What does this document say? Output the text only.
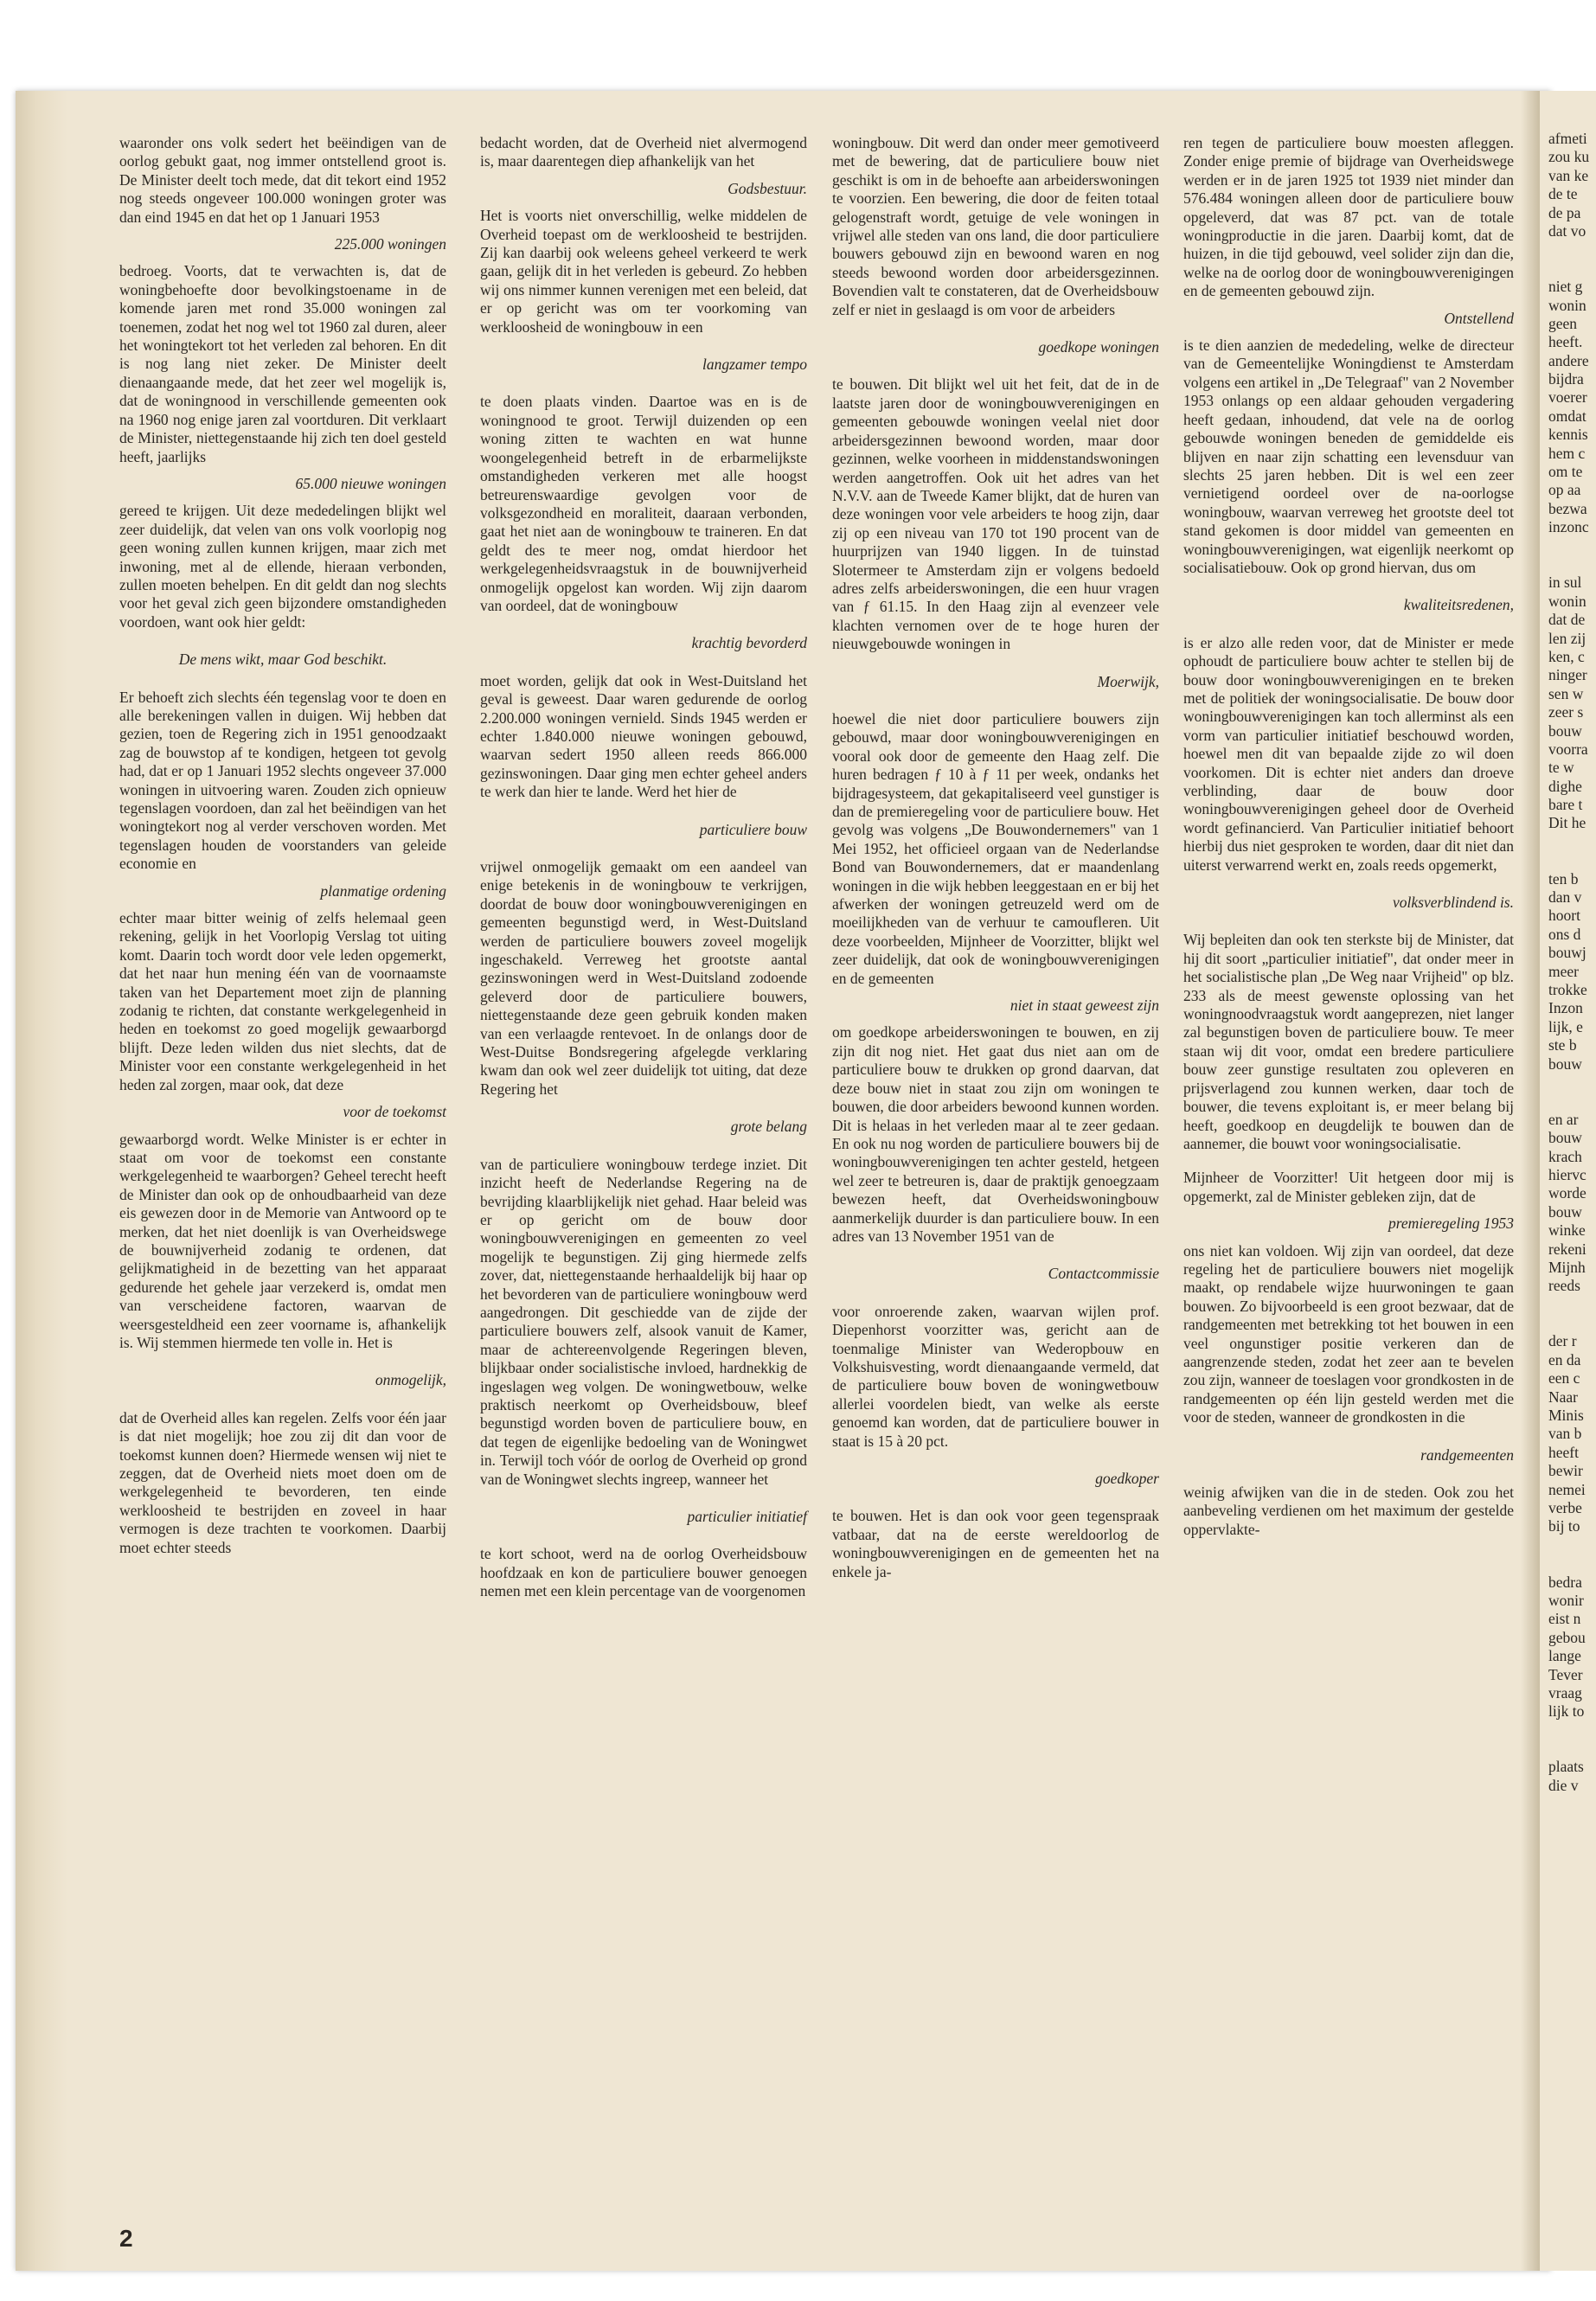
waaronder ons volk sedert het beëindigen van de oorlog gebukt gaat, nog immer ontstellend groot is. De Minister deelt toch mede, dat dit tekort eind 1952 nog steeds ongeveer 100.000 woningen groter was dan eind 1945 en dat het op 1 Januari 1953

225.000 woningen

bedroeg. Voorts, dat te verwachten is, dat de woningbehoefte door bevolkingstoename in de komende jaren met rond 35.000 woningen zal toenemen, zodat het nog wel tot 1960 zal duren, aleer het woningtekort tot het verleden zal behoren. En dit is nog lang niet zeker. De Minister deelt dienaangaande mede, dat het zeer wel mogelijk is, dat de woningnood in verschillende gemeenten ook na 1960 nog enige jaren zal voortduren. Dit verklaart de Minister, niettegenstaande hij zich ten doel gesteld heeft, jaarlijks

65.000 nieuwe woningen

gereed te krijgen. Uit deze mededelingen blijkt wel zeer duidelijk, dat velen van ons volk voorlopig nog geen woning zullen kunnen krijgen, maar zich met inwoning, met al de ellende, hieraan verbonden, zullen moeten behelpen. En dit geldt dan nog slechts voor het geval zich geen bijzondere omstandigheden voordoen, want ook hier geldt:

De mens wikt, maar God beschikt.

Er behoeft zich slechts één tegenslag voor te doen en alle berekeningen vallen in duigen. Wij hebben dat gezien, toen de Regering zich in 1951 genoodzaakt zag de bouwstop af te kondigen, hetgeen tot gevolg had, dat er op 1 Januari 1952 slechts ongeveer 37.000 woningen in uitvoering waren. Zouden zich opnieuw tegenslagen voordoen, dan zal het beëindigen van het woningtekort nog al verder verschoven worden. Met tegenslagen houden de voorstanders van geleide economie en

planmatige ordening

echter maar bitter weinig of zelfs helemaal geen rekening, gelijk in het Voorlopig Verslag tot uiting komt. Daarin toch wordt door vele leden opgemerkt, dat het naar hun mening één van de voornaamste taken van het Departement moet zijn de planning zodanig te richten, dat constante werkgelegenheid in heden en toekomst zo goed mogelijk gewaarborgd blijft. Deze leden wilden dus niet slechts, dat de Minister voor een constante werkgelegenheid in het heden zal zorgen, maar ook, dat deze

voor de toekomst

gewaarborgd wordt. Welke Minister is er echter in staat om voor de toekomst een constante werkgelegenheid te waarborgen? Geheel terecht heeft de Minister dan ook op de onhoudbaarheid van deze eis gewezen door in de Memorie van Antwoord op te merken, dat het niet doenlijk is van Overheidswege de bouwnijverheid zodanig te ordenen, dat gelijkmatigheid in de bezetting van het apparaat gedurende het gehele jaar verzekerd is, omdat men van verscheidene factoren, waarvan de weersgesteldheid een zeer voorname is, afhankelijk is. Wij stemmen hiermede ten volle in. Het is

onmogelijk,

dat de Overheid alles kan regelen. Zelfs voor één jaar is dat niet mogelijk; hoe zou zij dit dan voor de toekomst kunnen doen? Hiermede wensen wij niet te zeggen, dat de Overheid niets moet doen om de werkgelegenheid te bevorderen, ten einde werkloosheid te bestrijden en zoveel in haar vermogen is deze trachten te voorkomen. Daarbij moet echter steeds

bedacht worden, dat de Overheid niet alvermogend is, maar daarentegen diep afhankelijk van het

Godsbestuur.

Het is voorts niet onverschillig, welke middelen de Overheid toepast om de werkloosheid te bestrijden. Zij kan daarbij ook weleens geheel verkeerd te werk gaan, gelijk dit in het verleden is gebeurd. Zo hebben wij ons nimmer kunnen verenigen met een beleid, dat er op gericht was om ter voorkoming van werkloosheid de woningbouw in een

langzamer tempo

te doen plaats vinden. Daartoe was en is de woningnood te groot. Terwijl duizenden op een woning zitten te wachten en wat hunne woongelegenheid betreft in de erbarmelijkste omstandigheden verkeren met alle hoogst betreurenswaardige gevolgen voor de volksgezondheid en moraliteit, daaraan verbonden, gaat het niet aan de woningbouw te traineren. En dat geldt des te meer nog, omdat hierdoor het werkgelegenheidsvraagstuk in de bouwnijverheid onmogelijk opgelost kan worden. Wij zijn daarom van oordeel, dat de woningbouw

krachtig bevorderd

moet worden, gelijk dat ook in West-Duitsland het geval is geweest. Daar waren gedurende de oorlog 2.200.000 woningen vernield. Sinds 1945 werden er echter 1.840.000 nieuwe woningen gebouwd, waarvan sedert 1950 alleen reeds 866.000 gezinswoningen. Daar ging men echter geheel anders te werk dan hier te lande. Werd het hier de

particuliere bouw

vrijwel onmogelijk gemaakt om een aandeel van enige betekenis in de woningbouw te verkrijgen, doordat de bouw door woningbouwverenigingen en gemeenten begunstigd werd, in West-Duitsland werden de particuliere bouwers zoveel mogelijk ingeschakeld. Verreweg het grootste aantal gezinswoningen werd in West-Duitsland zodoende geleverd door de particuliere bouwers, niettegenstaande deze geen gebruik konden maken van een verlaagde rentevoet. In de onlangs door de West-Duitse Bondsregering afgelegde verklaring kwam dan ook wel zeer duidelijk tot uiting, dat deze Regering het

grote belang

van de particuliere woningbouw terdege inziet. Dit inzicht heeft de Nederlandse Regering na de bevrijding klaarblijkelijk niet gehad. Haar beleid was er op gericht om de bouw door woningbouwverenigingen en gemeenten zo veel mogelijk te begunstigen. Zij ging hiermede zelfs zover, dat, niettegenstaande herhaaldelijk bij haar op het bevorderen van de particuliere woningbouw werd aangedrongen. Dit geschiedde van de zijde der particuliere bouwers zelf, alsook vanuit de Kamer, maar de achtereenvolgende Regeringen bleven, blijkbaar onder socialistische invloed, hardnekkig de ingeslagen weg volgen. De woningwetbouw, welke praktisch neerkomt op Overheidsbouw, bleef begunstigd worden boven de particuliere bouw, en dat tegen de eigenlijke bedoeling van de Woningwet in. Terwijl toch vóór de oorlog de Overheid op grond van de Woningwet slechts ingreep, wanneer het

particulier initiatief

te kort schoot, werd na de oorlog Overheidsbouw hoofdzaak en kon de particuliere bouwer genoegen nemen met een klein percentage van de voorgenomen

woningbouw. Dit werd dan onder meer gemotiveerd met de bewering, dat de particuliere bouw niet geschikt is om in de behoefte aan arbeiderswoningen te voorzien. Een bewering, die door de feiten totaal gelogenstraft wordt, getuige de vele woningen in vrijwel alle steden van ons land, die door particuliere bouwers gebouwd zijn en bewoond waren en nog steeds bewoond worden door arbeidersgezinnen. Bovendien valt te constateren, dat de Overheidsbouw zelf er niet in geslaagd is om voor de arbeiders

goedkope woningen

te bouwen. Dit blijkt wel uit het feit, dat de in de laatste jaren door de woningbouwverenigingen en gemeenten gebouwde woningen veelal niet door arbeidersgezinnen bewoond worden, maar door gezinnen, welke voorheen in middenstandswoningen werden aangetroffen. Ook uit het adres van het N.V.V. aan de Tweede Kamer blijkt, dat de huren van deze woningen voor vele arbeiders te hoog zijn, daar zij op een niveau van 170 tot 190 procent van de huurprijzen van 1940 liggen. In de tuinstad Slotermeer te Amsterdam zijn er volgens bedoeld adres zelfs arbeiderswoningen, die een huur vragen van ƒ 61.15. In den Haag zijn al evenzeer vele klachten vernomen over de te hoge huren der nieuwgebouwde woningen in

Moerwijk,

hoewel die niet door particuliere bouwers zijn gebouwd, maar door woningbouwverenigingen en vooral ook door de gemeente den Haag zelf. Die huren bedragen ƒ 10 à ƒ 11 per week, ondanks het bijdragesysteem, dat gekapitaliseerd veel gunstiger is dan de premieregeling voor de particuliere bouw. Het gevolg was volgens „De Bouwondernemers" van 1 Mei 1952, het officieel orgaan van de Nederlandse Bond van Bouwondernemers, dat er maandenlang woningen in die wijk hebben leeggestaan en er bij het afwerken der woningen getreuzeld werd om de moeilijkheden van de verhuur te camoufleren. Uit deze voorbeelden, Mijnheer de Voorzitter, blijkt wel zeer duidelijk, dat ook de woningbouwverenigingen en de gemeenten

niet in staat geweest zijn

om goedkope arbeiderswoningen te bouwen, en zij zijn dit nog niet. Het gaat dus niet aan om de particuliere bouw te drukken op grond daarvan, dat deze bouw niet in staat zou zijn om woningen te bouwen, die door arbeiders bewoond kunnen worden. Dit is helaas in het verleden maar al te zeer gedaan. En ook nu nog worden de particuliere bouwers bij de woningbouwverenigingen ten achter gesteld, hetgeen wel zeer te betreuren is, daar de praktijk genoegzaam bewezen heeft, dat Overheidswoningbouw aanmerkelijk duurder is dan particuliere bouw. In een adres van 13 November 1951 van de

Contactcommissie

voor onroerende zaken, waarvan wijlen prof. Diepenhorst voorzitter was, gericht aan de toenmalige Minister van Wederopbouw en Volkshuisvesting, wordt dienaangaande vermeld, dat de particuliere bouw boven de woningwetbouw allerlei voordelen biedt, van welke als eerste genoemd kan worden, dat de particuliere bouwer in staat is 15 à 20 pct.

goedkoper

te bouwen. Het is dan ook voor geen tegenspraak vatbaar, dat na de eerste wereldoorlog de woningbouwverenigingen en de gemeenten het na enkele ja-

ren tegen de particuliere bouw moesten afleggen. Zonder enige premie of bijdrage van Overheidswege werden er in de jaren 1925 tot 1939 niet minder dan 576.484 woningen alleen door de particuliere bouw opgeleverd, dat was 87 pct. van de totale woningproductie in die jaren. Daarbij komt, dat de huizen, in die tijd gebouwd, veel solider zijn dan die, welke na de oorlog door de woningbouwverenigingen en de gemeenten gebouwd zijn.

Ontstellend

is te dien aanzien de mededeling, welke de directeur van de Gemeentelijke Woningdienst te Amsterdam volgens een artikel in „De Telegraaf" van 2 November 1953 onlangs op een aldaar gehouden vergadering heeft gedaan, inhoudend, dat vele na de oorlog gebouwde woningen beneden de gemiddelde eis blijven en naar zijn schatting een levensduur van slechts 25 jaren hebben. Dit is wel een zeer vernietigend oordeel over de na-oorlogse woningbouw, waarvan verreweg het grootste deel tot stand gekomen is door middel van gemeenten en woningbouwverenigingen, wat eigenlijk neerkomt op socialisatiebouw. Ook op grond hiervan, dus om

kwaliteitsredenen,

is er alzo alle reden voor, dat de Minister er mede ophoudt de particuliere bouw achter te stellen bij de bouw door woningbouwverenigingen en te breken met de politiek der woningsocialisatie. De bouw door woningbouwverenigingen kan toch allerminst als een vorm van particulier initiatief beschouwd worden, hoewel men dit van bepaalde zijde zo wil doen voorkomen. Dit is echter niet anders dan droeve verblinding, daar de bouw door woningbouwverenigingen geheel door de Overheid wordt gefinancierd. Van Particulier initiatief behoort hierbij dus niet gesproken te worden, daar dit niet dan uiterst verwarrend werkt en, zoals reeds opgemerkt,

volksverblindend is.

Wij bepleiten dan ook ten sterkste bij de Minister, dat hij dit soort „particulier initiatief", dat onder meer in het socialistische plan „De Weg naar Vrijheid" op blz. 233 als de meest gewenste oplossing van het woningnoodvraagstuk wordt aangeprezen, niet langer zal begunstigen boven de particuliere bouw. Te meer staan wij dit voor, omdat een bredere particuliere bouw zeer gunstige resultaten zou opleveren en prijsverlagend zou kunnen werken, daar toch de bouwer, die tevens exploitant is, er meer belang bij heeft, goedkoop en deugdelijk te bouwen dan de aannemer, die bouwt voor woningsocialisatie.

Mijnheer de Voorzitter! Uit hetgeen door mij is opgemerkt, zal de Minister gebleken zijn, dat de

premieregeling 1953

ons niet kan voldoen. Wij zijn van oordeel, dat deze regeling het de particuliere bouwers niet mogelijk maakt, op rendabele wijze huurwoningen te gaan bouwen. Zo bijvoorbeeld is een groot bezwaar, dat de randgemeenten met betrekking tot het bouwen in een veel ongunstiger positie verkeren dan de aangrenzende steden, zodat het zeer aan te bevelen zou zijn, wanneer de toeslagen voor grondkosten in de randgemeenten op één lijn gesteld werden met die voor de steden, wanneer de grondkosten in die

randgemeenten

weinig afwijken van die in de steden. Ook zou het aanbeveling verdienen om het maximum der gestelde oppervlakte-

2
afmeti
zou ku
van ke
de te
de pa
dat vo
niet g
wonin
geen
heeft.
andere
bijdra
voerer
omdat
kennis
hem c
om te
op aa
bezwa
inzonc
in sul
wonin
dat de
len zij
ken, c
ninger
sen w
zeer s
bouw
voorra
te w
dighe
bare t
Dit he
ten b
dan v
hoort
ons d
bouwj
meer
trokke
Inzon
lijk, e
ste b
bouw
en ar
bouw
krach
hiervc
worde
bouw
winke
rekeni
Mijnh
reeds
der r
en da
een c
Naar
Minis
van b
heeft
bewir
nemei
verbe
bij to
bedra
wonir
eist n
gebou
lange
Tever
vraag
lijk to
plaats
die v
